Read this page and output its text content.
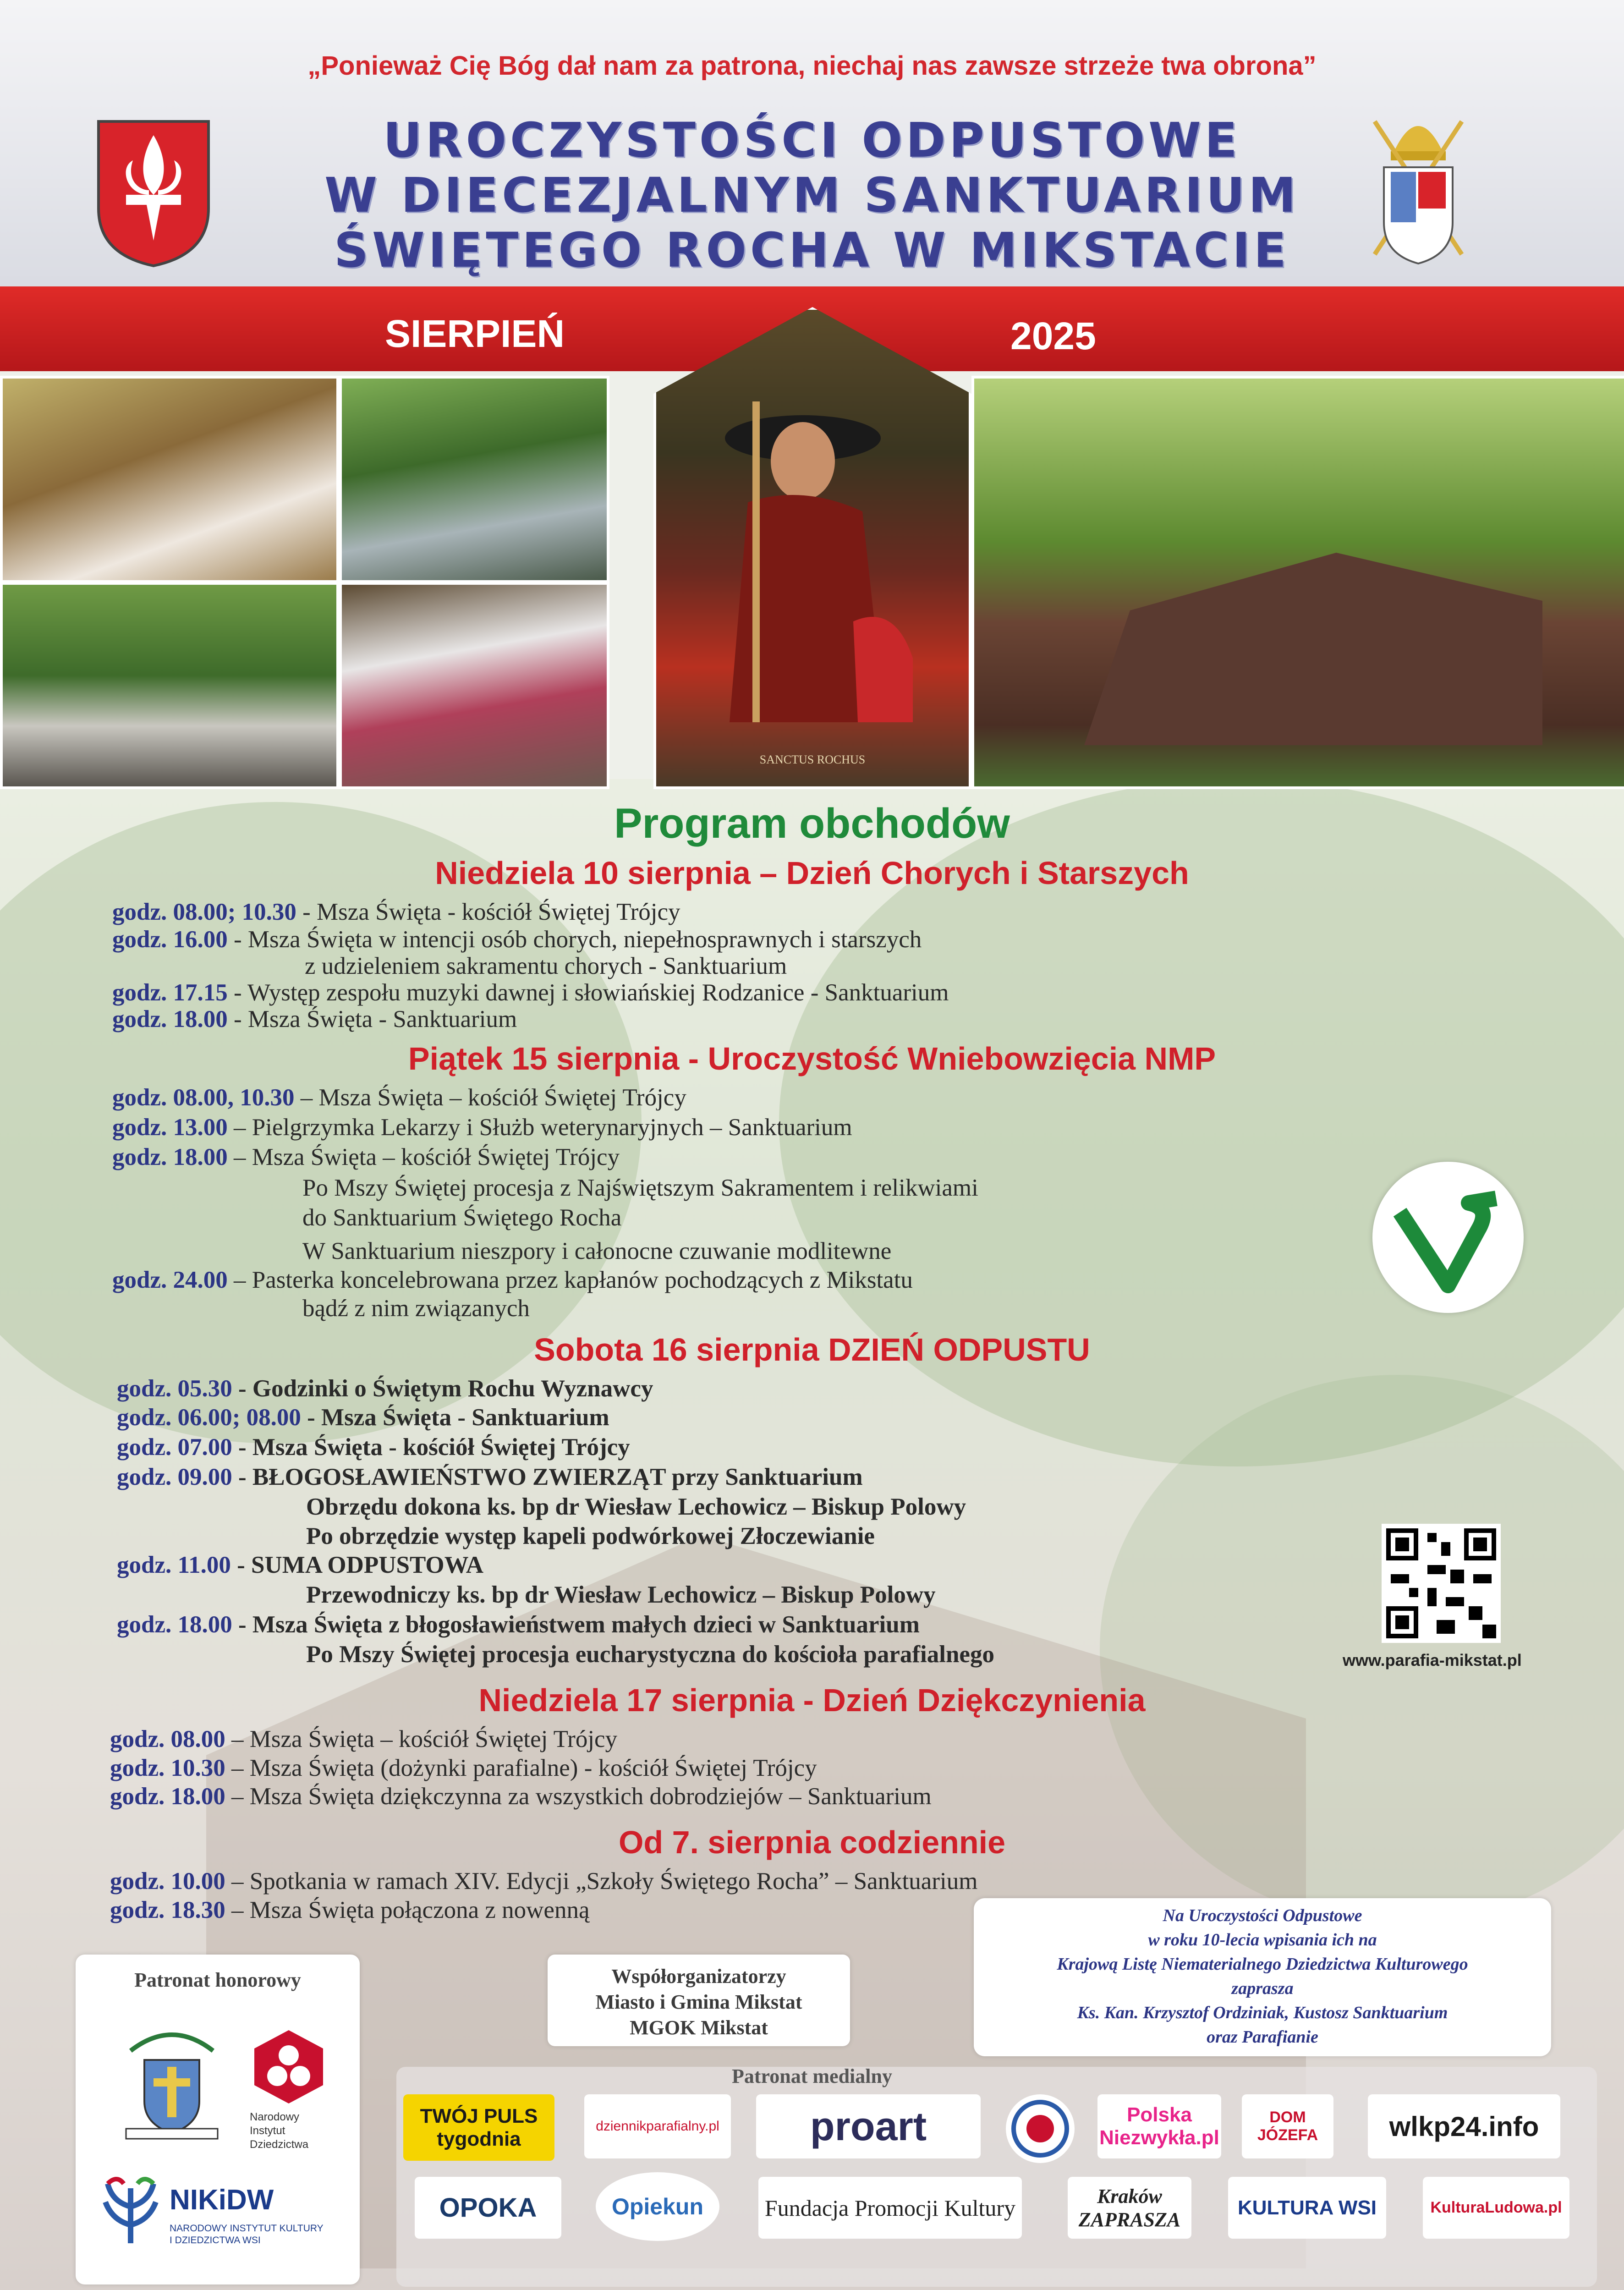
„Ponieważ Cię Bóg dał nam za patrona, niechaj nas zawsze strzeże twa obrona”
UROCZYSTOŚCI ODPUSTOWE
W DIECEZJALNYM SANKTUARIUM
ŚWIĘTEGO ROCHA W MIKSTACIE
SIERPIEŃ	2025
SANCTUS ROCHUS
Program obchodów
Niedziela 10 sierpnia – Dzień Chorych i Starszych
godz. 08.00; 10.30 - Msza Święta - kościół Świętej Trójcy
godz. 16.00 - Msza Święta w intencji osób chorych, niepełnosprawnych i starszych
z udzieleniem sakramentu chorych - Sanktuarium
godz. 17.15 - Występ zespołu muzyki dawnej i słowiańskiej Rodzanice - Sanktuarium
godz. 18.00 - Msza Święta - Sanktuarium
Piątek 15 sierpnia - Uroczystość Wniebowzięcia NMP
godz. 08.00, 10.30 – Msza Święta – kościół Świętej Trójcy
godz. 13.00 – Pielgrzymka Lekarzy i Służb weterynaryjnych – Sanktuarium
godz. 18.00 – Msza Święta – kościół Świętej Trójcy
Po Mszy Świętej procesja z Najświętszym Sakramentem i relikwiami
do Sanktuarium Świętego Rocha
W Sanktuarium nieszpory i całonocne czuwanie modlitewne
godz. 24.00 – Pasterka koncelebrowana przez kapłanów pochodzących z Mikstatu
bądź z nim związanych
Sobota 16 sierpnia DZIEŃ ODPUSTU
godz. 05.30 - Godzinki o Świętym Rochu Wyznawcy
godz. 06.00; 08.00 - Msza Święta - Sanktuarium
godz. 07.00 - Msza Święta - kościół Świętej Trójcy
godz. 09.00 - BŁOGOSŁAWIEŃSTWO ZWIERZĄT przy Sanktuarium
Obrzędu dokona ks. bp dr Wiesław Lechowicz – Biskup Polowy
Po obrzędzie występ kapeli podwórkowej Złoczewianie
godz. 11.00 - SUMA ODPUSTOWA
Przewodniczy ks. bp dr Wiesław Lechowicz – Biskup Polowy
godz. 18.00 - Msza Święta z błogosławieństwem małych dzieci w Sanktuarium
Po Mszy Świętej procesja eucharystyczna do kościoła parafialnego
Niedziela 17 sierpnia - Dzień Dziękczynienia
godz. 08.00 – Msza Święta – kościół Świętej Trójcy
godz. 10.30 – Msza Święta (dożynki parafialne) - kościół Świętej Trójcy
godz. 18.00 – Msza Święta dziękczynna za wszystkich dobrodziejów – Sanktuarium
Od 7. sierpnia codziennie
godz. 10.00 – Spotkania w ramach XIV. Edycji „Szkoły Świętego Rocha” – Sanktuarium
godz. 18.30 – Msza Święta połączona z nowenną
www.parafia-mikstat.pl
Na Uroczystości Odpustowe
w roku 10-lecia wpisania ich na
Krajową Listę Niematerialnego Dziedzictwa Kulturowego
zaprasza
Ks. Kan. Krzysztof Ordziniak, Kustosz Sanktuarium
oraz Parafianie
Współorganizatorzy
Miasto i Gmina Mikstat
MGOK Mikstat
Patronat honorowy
Narodowy
Instytut
Dziedzictwa
NIKiDW
NARODOWY INSTYTUT KULTURY
I DZIEDZICTWA WSI
Patronat medialny
TWÓJ PULS tygodnia
dziennikparafialny.pl proart	Polska Niezwykła.pl
DOM JÓZEFA	wlkp24.info
OPOKA	Opiekun	Fundacja Promocji Kultury	Kraków ZAPRASZA
KULTURA WSI	KulturaLudowa.pl
